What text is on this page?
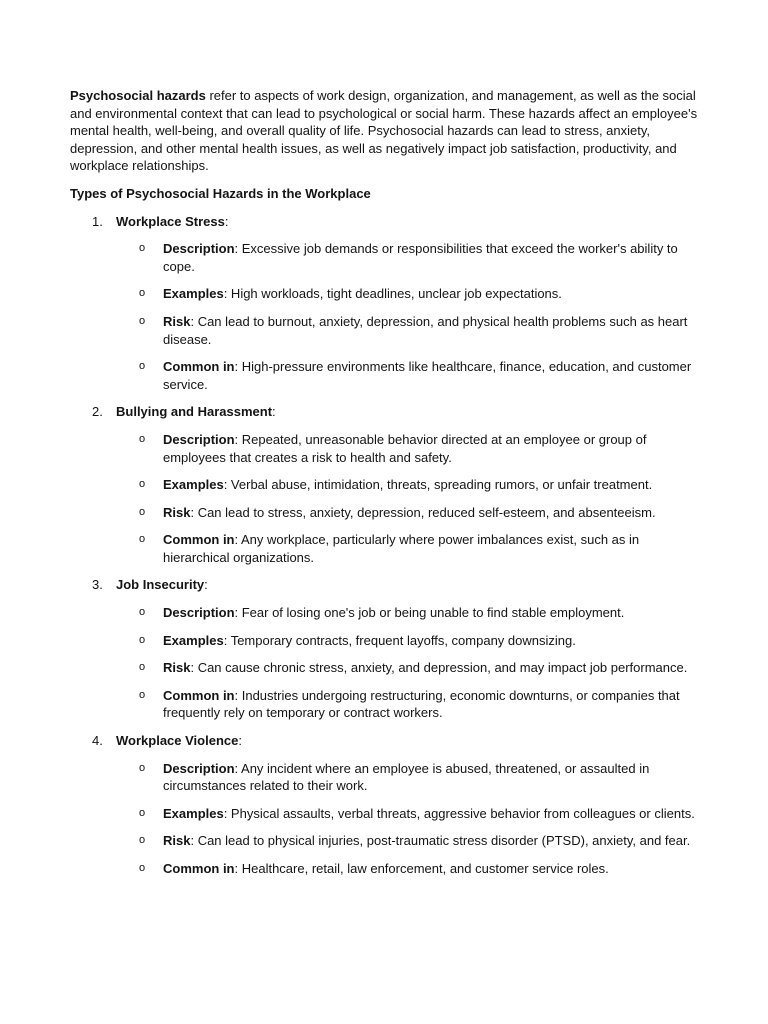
Psychosocial hazards refer to aspects of work design, organization, and management, as well as the social and environmental context that can lead to psychological or social harm. These hazards affect an employee's mental health, well-being, and overall quality of life. Psychosocial hazards can lead to stress, anxiety, depression, and other mental health issues, as well as negatively impact job satisfaction, productivity, and workplace relationships.

Types of Psychosocial Hazards in the Workplace
1. Workplace Stress:
o Description: Excessive job demands or responsibilities that exceed the worker's ability to cope.
o Examples: High workloads, tight deadlines, unclear job expectations.
o Risk: Can lead to burnout, anxiety, depression, and physical health problems such as heart disease.
o Common in: High-pressure environments like healthcare, finance, education, and customer service.
2. Bullying and Harassment:
o Description: Repeated, unreasonable behavior directed at an employee or group of employees that creates a risk to health and safety.
o Examples: Verbal abuse, intimidation, threats, spreading rumors, or unfair treatment.
o Risk: Can lead to stress, anxiety, depression, reduced self-esteem, and absenteeism.
o Common in: Any workplace, particularly where power imbalances exist, such as in hierarchical organizations.
3. Job Insecurity:
o Description: Fear of losing one's job or being unable to find stable employment.
o Examples: Temporary contracts, frequent layoffs, company downsizing.
o Risk: Can cause chronic stress, anxiety, and depression, and may impact job performance.
o Common in: Industries undergoing restructuring, economic downturns, or companies that frequently rely on temporary or contract workers.
4. Workplace Violence:
o Description: Any incident where an employee is abused, threatened, or assaulted in circumstances related to their work.
o Examples: Physical assaults, verbal threats, aggressive behavior from colleagues or clients.
o Risk: Can lead to physical injuries, post-traumatic stress disorder (PTSD), anxiety, and fear.
o Common in: Healthcare, retail, law enforcement, and customer service roles.
